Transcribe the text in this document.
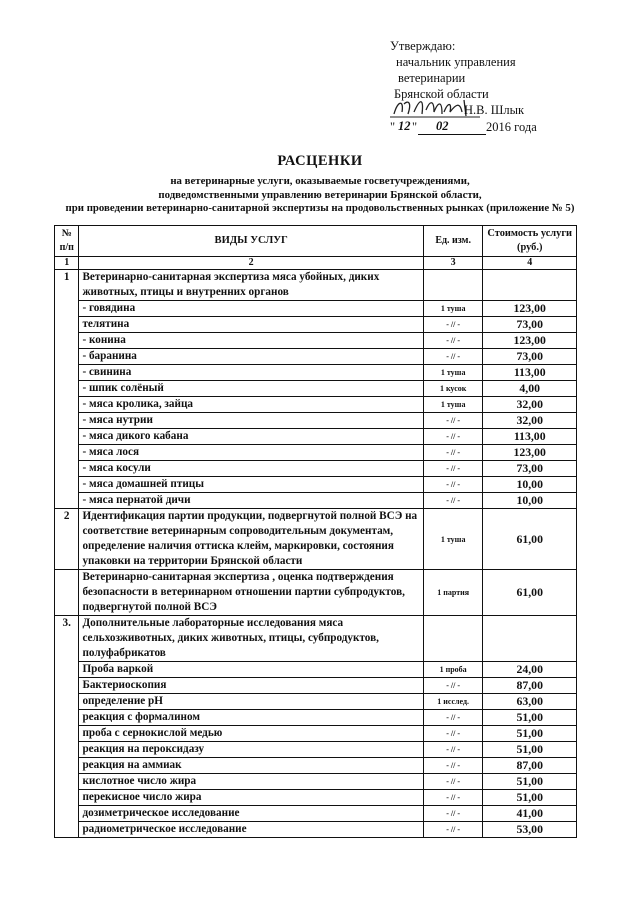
Утверждаю:
начальник управления
ветеринарии
Брянской области
Н.В. Шлык
" 12 " 02	2016 года
РАСЦЕНКИ
на ветеринарные услуги, оказываемые госветучреждениями,
подведомственными управлению ветеринарии Брянской области,
при проведении ветеринарно-санитарной экспертизы на продовольственных рынках (приложение № 5)
№ п/п	ВИДЫ УСЛУГ	Ед. изм.	Стоимость услуги (руб.)
1	2	3	4
1	Ветеринарно-санитарная экспертиза мяса убойных, диких животных, птицы и внутренних органов		
	- говядина	1 туша	123,00
	телятина	- // -	73,00
	- конина	- // -	123,00
	- баранина	- // -	73,00
	- свинина	1 туша	113,00
	- шпик солёный	1 кусок	4,00
	- мяса кролика, зайца	1 туша	32,00
	- мяса нутрии	- // -	32,00
	- мяса дикого кабана	- // -	113,00
	- мяса лося	- // -	123,00
	- мяса косули	- // -	73,00
	- мяса домашней птицы	- // -	10,00
	- мяса пернатой дичи	- // -	10,00
2	Идентификация партии продукции, подвергнутой полной ВСЭ на соответствие ветеринарным сопроводительным документам, определение наличия оттиска клейм, маркировки, состояния упаковки на территории Брянской области	1 туша	61,00
	Ветеринарно-санитарная экспертиза , оценка подтверждения безопасности в ветеринарном отношении партии субпродуктов, подвергнутой полной ВСЭ	1 партия	61,00
3.	Дополнительные лабораторные исследования мяса сельхозживотных, диких животных, птицы, субпродуктов, полуфабрикатов		
	Проба варкой	1 проба	24,00
	Бактериоскопия	- // -	87,00
	определение рН	1 исслед.	63,00
	реакция с формалином	- // -	51,00
	проба с сернокислой медью	- // -	51,00
	реакция на пероксидазу	- // -	51,00
	реакция на аммиак	- // -	87,00
	кислотное число жира	- // -	51,00
	перекисное число жира	- // -	51,00
	дозиметрическое исследование	- // -	41,00
	радиометрическое исследование	- // -	53,00
